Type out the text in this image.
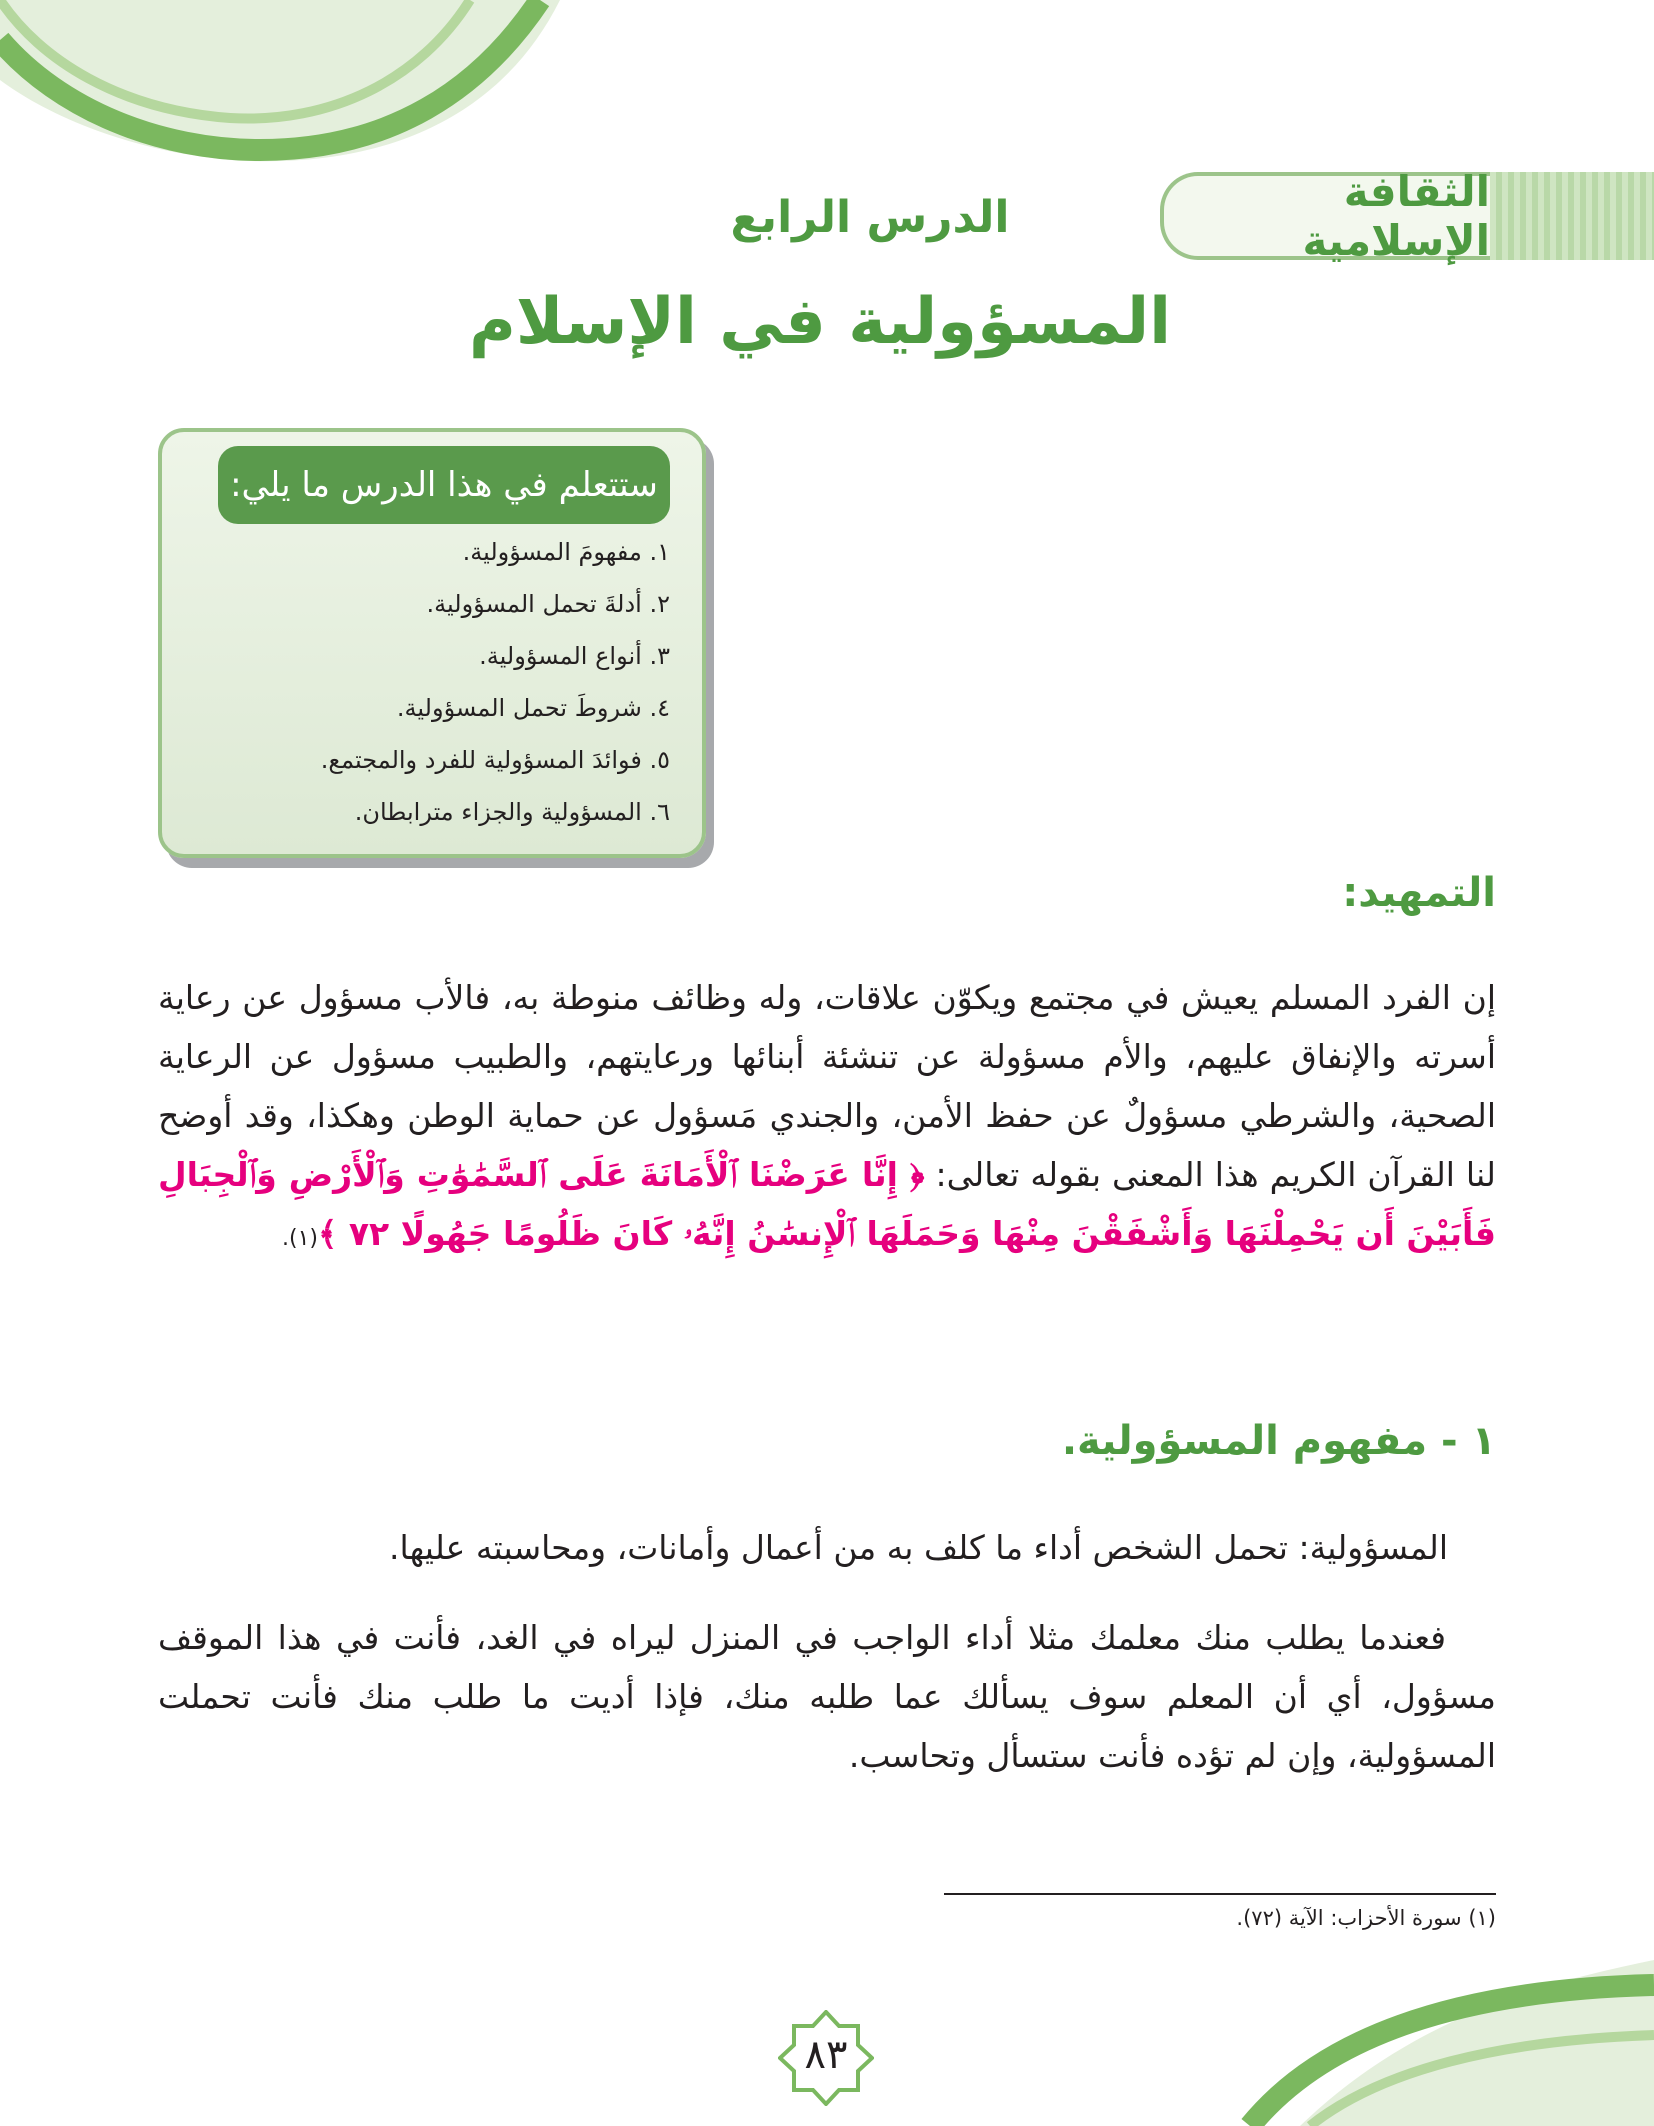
الثقافة الإسلامية
الدرس الرابع
المسؤولية في الإسلام
ستتعلم في هذا الدرس ما يلي:
١. مفهومَ المسؤولية.
٢. أدلةَ تحمل المسؤولية.
٣. أنواع المسؤولية.
٤. شروطَ تحمل المسؤولية.
٥. فوائدَ المسؤولية للفرد والمجتمع.
٦. المسؤولية والجزاء مترابطان.
التمهيد:

إن الفرد المسلم يعيش في مجتمع ويكوّن علاقات، وله وظائف منوطة به، فالأب مسؤول عن رعاية أسرته والإنفاق عليهم، والأم مسؤولة عن تنشئة أبنائها ورعايتهم، والطبيب مسؤول عن الرعاية الصحية، والشرطي مسؤولٌ عن حفظ الأمن، والجندي مَسؤول عن حماية الوطن وهكذا، وقد أوضح لنا القرآن الكريم هذا المعنى بقوله تعالى: ﴿ إِنَّا عَرَضْنَا ٱلْأَمَانَةَ عَلَى ٱلسَّمَٰوَٰتِ وَٱلْأَرْضِ وَٱلْجِبَالِ فَأَبَيْنَ أَن يَحْمِلْنَهَا وَأَشْفَقْنَ مِنْهَا وَحَمَلَهَا ٱلْإِنسَٰنُ إِنَّهُۥ كَانَ ظَلُومًا جَهُولًا ٧٢ ﴾(١).

١ - مفهوم المسؤولية.

المسؤولية: تحمل الشخص أداء ما كلف به من أعمال وأمانات، ومحاسبته عليها.

فعندما يطلب منك معلمك مثلا أداء الواجب في المنزل ليراه في الغد، فأنت في هذا الموقف مسؤول، أي أن المعلم سوف يسألك عما طلبه منك، فإذا أديت ما طلب منك فأنت تحملت المسؤولية، وإن لم تؤده فأنت ستسأل وتحاسب.

(١) سورة الأحزاب: الآية (٧٢).
٨٣
